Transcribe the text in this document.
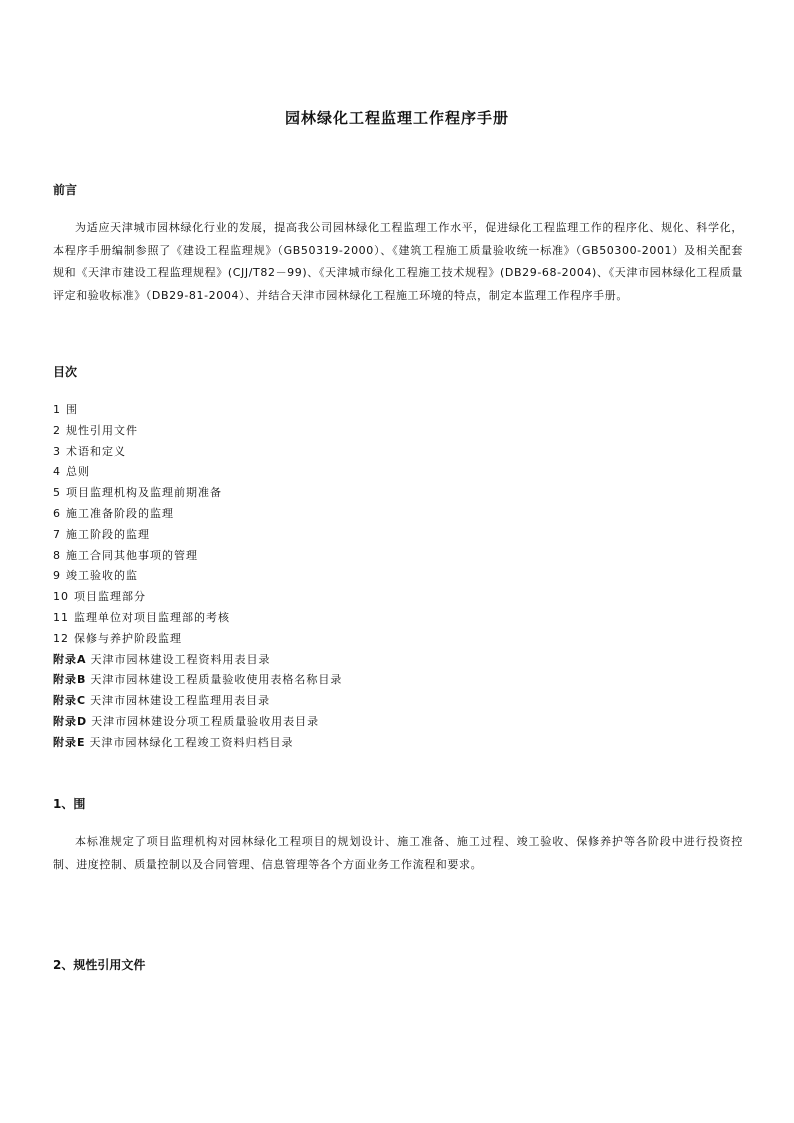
园林绿化工程监理工作程序手册
前言

为适应天津城市园林绿化行业的发展，提高我公司园林绿化工程监理工作水平，促进绿化工程监理工作的程序化、规化、科学化，本程序手册编制参照了《建设工程监理规》（GB50319-2000）、《建筑工程施工质量验收统一标准》（GB50300-2001）及相关配套规和《天津市建设工程监理规程》(CJJ/T82－99)、《天津城市绿化工程施工技术规程》(DB29-68-2004)、《天津市园林绿化工程质量评定和验收标准》（DB29-81-2004）、并结合天津市园林绿化工程施工环境的特点，制定本监理工作程序手册。

目次
1 围
2 规性引用文件
3 术语和定义
4 总则
5 项目监理机构及监理前期准备
6 施工准备阶段的监理
7 施工阶段的监理
8 施工合同其他事项的管理
9 竣工验收的监
10 项目监理部分
11 监理单位对项目监理部的考核
12 保修与养护阶段监理
附录A 天津市园林建设工程资料用表目录
附录B 天津市园林建设工程质量验收使用表格名称目录
附录C 天津市园林建设工程监理用表目录
附录D 天津市园林建设分项工程质量验收用表目录
附录E 天津市园林绿化工程竣工资料归档目录
1、围

本标准规定了项目监理机构对园林绿化工程项目的规划设计、施工准备、施工过程、竣工验收、保修养护等各阶段中进行投资控制、进度控制、质量控制以及合同管理、信息管理等各个方面业务工作流程和要求。

2、规性引用文件
